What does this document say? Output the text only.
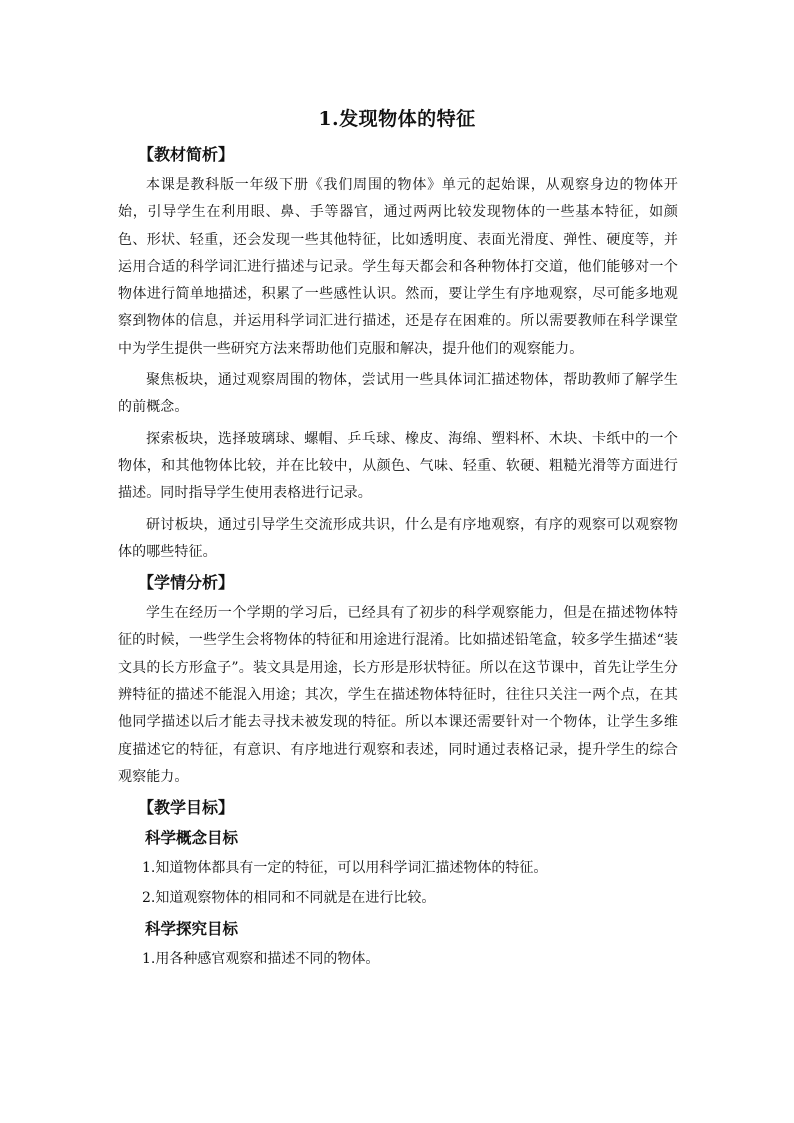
1.发现物体的特征
【教材简析】

本课是教科版一年级下册《我们周围的物体》单元的起始课，从观察身边的物体开始，引导学生在利用眼、鼻、手等器官，通过两两比较发现物体的一些基本特征，如颜色、形状、轻重，还会发现一些其他特征，比如透明度、表面光滑度、弹性、硬度等，并运用合适的科学词汇进行描述与记录。学生每天都会和各种物体打交道，他们能够对一个物体进行简单地描述，积累了一些感性认识。然而，要让学生有序地观察，尽可能多地观察到物体的信息，并运用科学词汇进行描述，还是存在困难的。所以需要教师在科学课堂中为学生提供一些研究方法来帮助他们克服和解决，提升他们的观察能力。

聚焦板块，通过观察周围的物体，尝试用一些具体词汇描述物体，帮助教师了解学生的前概念。

探索板块，选择玻璃球、螺帽、乒乓球、橡皮、海绵、塑料杯、木块、卡纸中的一个物体，和其他物体比较，并在比较中，从颜色、气味、轻重、软硬、粗糙光滑等方面进行描述。同时指导学生使用表格进行记录。

研讨板块，通过引导学生交流形成共识，什么是有序地观察，有序的观察可以观察物体的哪些特征。

【学情分析】

学生在经历一个学期的学习后，已经具有了初步的科学观察能力，但是在描述物体特征的时候，一些学生会将物体的特征和用途进行混淆。比如描述铅笔盒，较多学生描述“装文具的长方形盒子”。装文具是用途，长方形是形状特征。所以在这节课中，首先让学生分辨特征的描述不能混入用途；其次，学生在描述物体特征时，往往只关注一两个点，在其他同学描述以后才能去寻找未被发现的特征。所以本课还需要针对一个物体，让学生多维度描述它的特征，有意识、有序地进行观察和表述，同时通过表格记录，提升学生的综合观察能力。

【教学目标】
科学概念目标
1.知道物体都具有一定的特征，可以用科学词汇描述物体的特征。
2.知道观察物体的相同和不同就是在进行比较。
科学探究目标
1.用各种感官观察和描述不同的物体。
